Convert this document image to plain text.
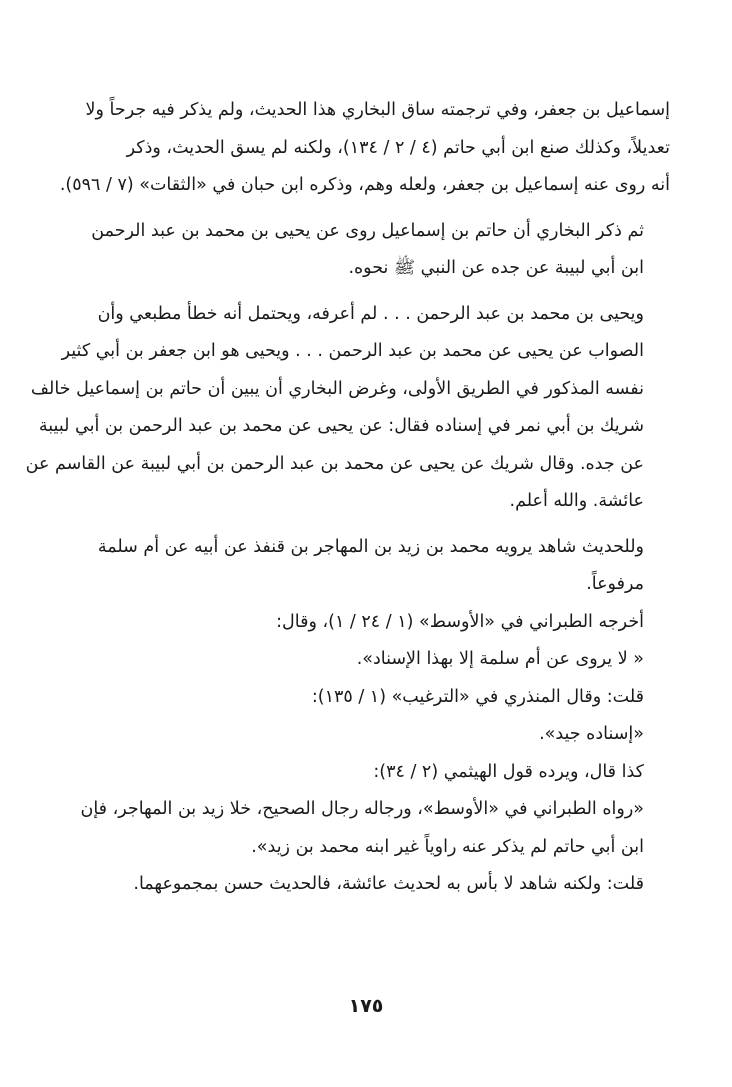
إسماعيل بن جعفر، وفي ترجمته ساق البخاري هذا الحديث، ولم يذكر فيه جرحاً ولا
تعديلاً، وكذلك صنع ابن أبي حاتم (٤ / ٢ / ١٣٤)، ولكنه لم يسق الحديث، وذكر
أنه روى عنه إسماعيل بن جعفر، ولعله وهم، وذكره ابن حبان في «الثقات» (٧ / ٥٩٦).
ثم ذكر البخاري أن حاتم بن إسماعيل روى عن يحيى بن محمد بن عبد الرحمن
ابن أبي لبيبة عن جده عن النبي ﷺ نحوه.
ويحيى بن محمد بن عبد الرحمن . . . لم أعرفه، ويحتمل أنه خطأ مطبعي وأن
الصواب عن يحيى عن محمد بن عبد الرحمن . . . ويحيى هو ابن جعفر بن أبي كثير
نفسه المذكور في الطريق الأولى، وغرض البخاري أن يبين أن حاتم بن إسماعيل خالف
شريك بن أبي نمر في إسناده فقال: عن يحيى عن محمد بن عبد الرحمن بن أبي لبيبة
عن جده. وقال شريك عن يحيى عن محمد بن عبد الرحمن بن أبي لبيبة عن القاسم عن
عائشة. والله أعلم.
وللحديث شاهد يرويه محمد بن زيد بن المهاجر بن قنفذ عن أبيه عن أم سلمة
مرفوعاً.
أخرجه الطبراني في «الأوسط» (١ / ٢٤ / ١)، وقال:
« لا يروى عن أم سلمة إلا بهذا الإسناد».
قلت: وقال المنذري في «الترغيب» (١ / ١٣٥):
«إسناده جيد».
كذا قال، ويرده قول الهيثمي (٢ / ٣٤):
«رواه الطبراني في «الأوسط»، ورجاله رجال الصحيح، خلا زيد بن المهاجر، فإن
ابن أبي حاتم لم يذكر عنه راوياً غير ابنه محمد بن زيد».
قلت: ولكنه شاهد لا بأس به لحديث عائشة، فالحديث حسن بمجموعهما.
١٧٥
